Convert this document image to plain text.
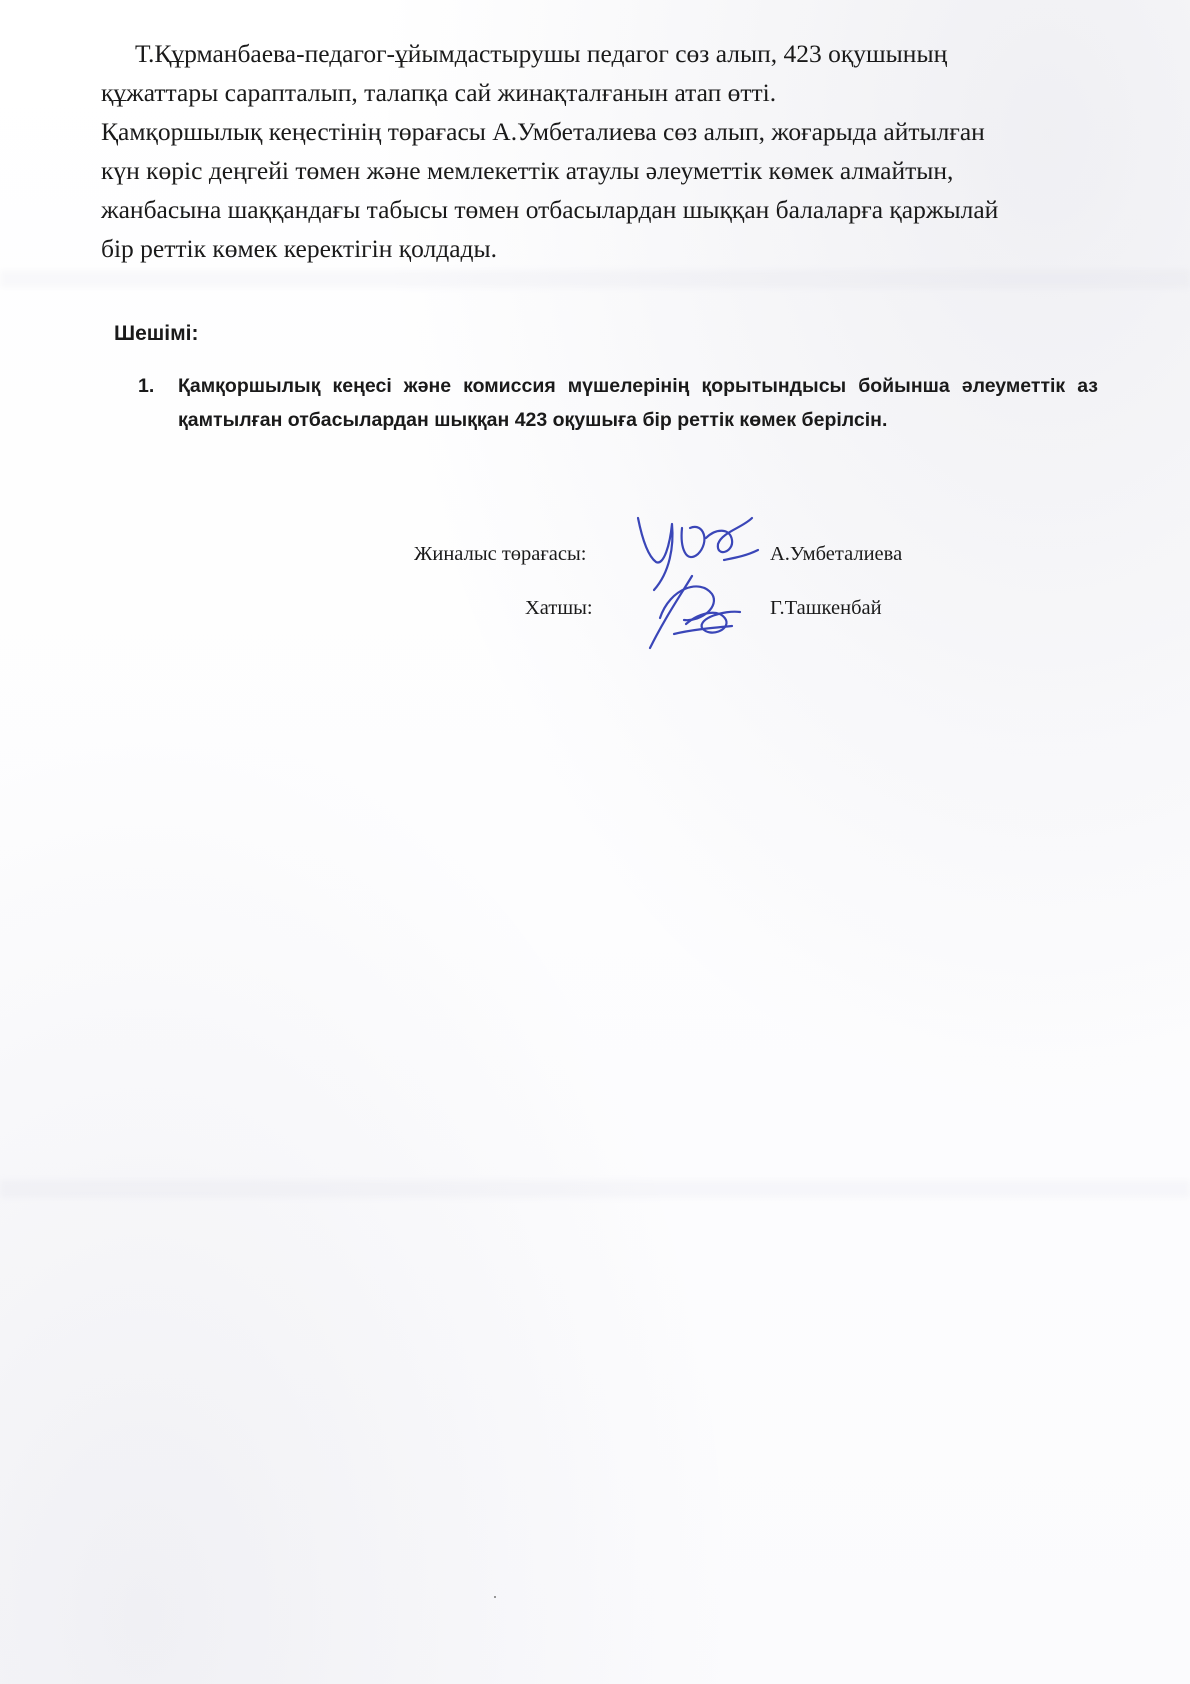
Т.Құрманбаева-педагог-ұйымдастырушы педагог сөз алып, 423 оқушының
құжаттары сарапталып, талапқа сай жинақталғанын атап өтті.
Қамқоршылық кеңестінің төрағасы А.Умбеталиева сөз алып, жоғарыда айтылған
күн көріс деңгейі төмен және мемлекеттік атаулы әлеуметтік көмек алмайтын,
жанбасына шаққандағы табысы төмен отбасылардан шыққан балаларға қаржылай
бір реттік көмек керектігін қолдады.

Шешімі:
1.	Қамқоршылық кеңесі және комиссия мүшелерінің қорытындысы бойынша әлеуметтік аз қамтылған отбасылардан шыққан 423 оқушыға бір реттік көмек берілсін.
Жиналыс төрағасы:	А.Умбеталиева
Хатшы:	Г.Ташкенбай
